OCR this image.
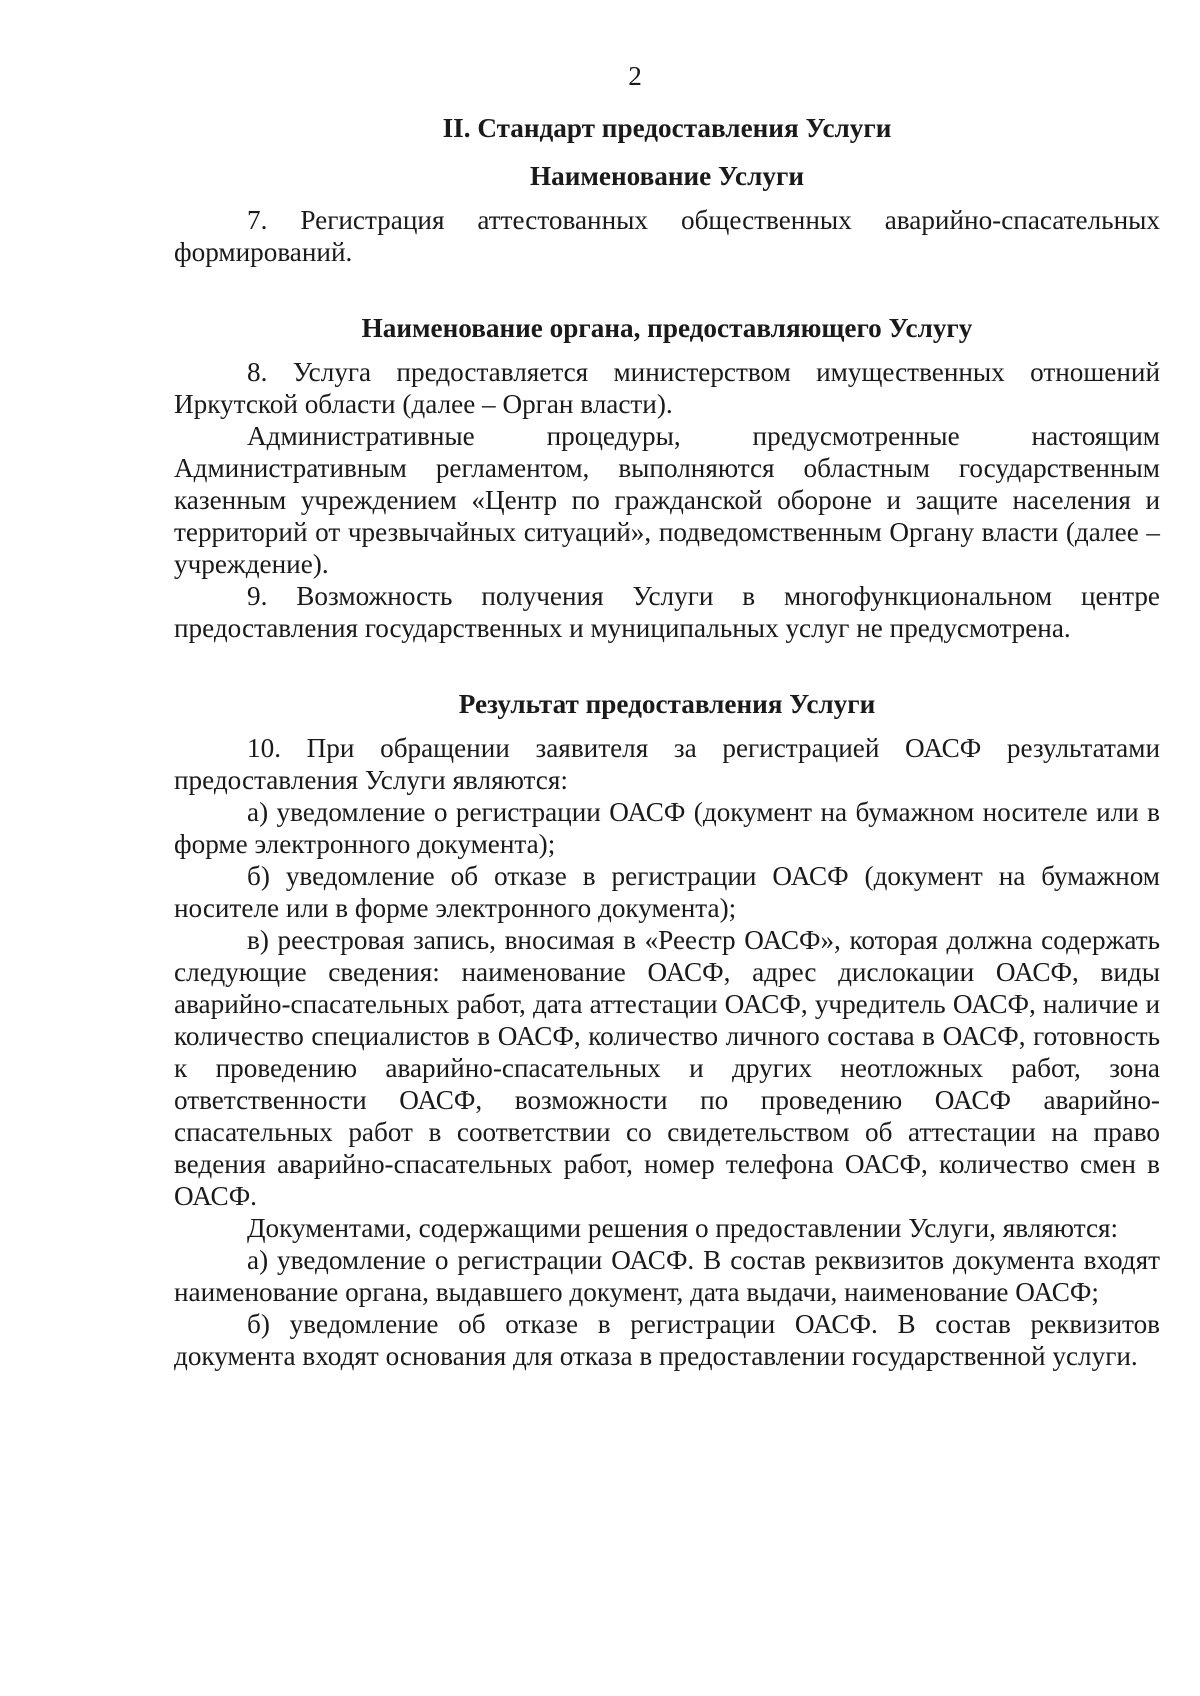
2
II. Стандарт предоставления Услуги
Наименование Услуги

7. Регистрация аттестованных общественных аварийно-спасательных формирований.

Наименование органа, предоставляющего Услугу

8. Услуга предоставляется министерством имущественных отношений Иркутской области (далее – Орган власти).

Административные процедуры, предусмотренные настоящим Административным регламентом, выполняются областным государственным казенным учреждением «Центр по гражданской обороне и защите населения и территорий от чрезвычайных ситуаций», подведомственным Органу власти (далее – учреждение).

9. Возможность получения Услуги в многофункциональном центре предоставления государственных и муниципальных услуг не предусмотрена.

Результат предоставления Услуги

10. При обращении заявителя за регистрацией ОАСФ результатами предоставления Услуги являются:

а) уведомление о регистрации ОАСФ (документ на бумажном носителе или в форме электронного документа);

б) уведомление об отказе в регистрации ОАСФ (документ на бумажном носителе или в форме электронного документа);

в) реестровая запись, вносимая в «Реестр ОАСФ», которая должна содержать следующие сведения: наименование ОАСФ, адрес дислокации ОАСФ, виды аварийно-спасательных работ, дата аттестации ОАСФ, учредитель ОАСФ, наличие и количество специалистов в ОАСФ, количество личного состава в ОАСФ, готовность к проведению аварийно-спасательных и других неотложных работ, зона ответственности ОАСФ, возможности по проведению ОАСФ аварийно-спасательных работ в соответствии со свидетельством об аттестации на право ведения аварийно-спасательных работ, номер телефона ОАСФ, количество смен в ОАСФ.

Документами, содержащими решения о предоставлении Услуги, являются:

а) уведомление о регистрации ОАСФ. В состав реквизитов документа входят наименование органа, выдавшего документ, дата выдачи, наименование ОАСФ;

б) уведомление об отказе в регистрации ОАСФ. В состав реквизитов документа входят основания для отказа в предоставлении государственной услуги.
